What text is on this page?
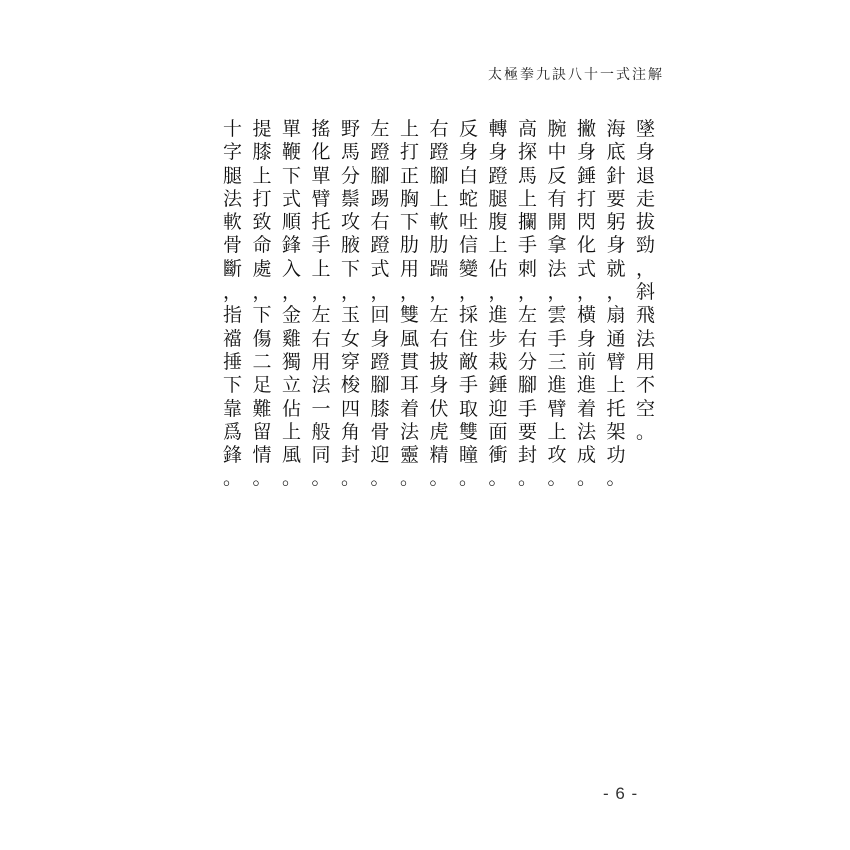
太極拳九訣八十一式注解
墜
身
退
走
拔
勁
，
斜
飛
法
用
不
空
。
海
底
針
要
躬
身
就
，
扇
通
臂
上
托
架
功
。
撇
身
錘
打
閃
化
式
，
橫
身
前
進
着
法
成
。
腕
中
反
有
開
拿
法
，
雲
手
三
進
臂
上
攻
。
高
探
馬
上
攔
手
刺
，
左
右
分
腳
手
要
封
。
轉
身
蹬
腿
腹
上
佔
，
進
步
栽
錘
迎
面
衝
。
反
身
白
蛇
吐
信
變
，
採
住
敵
手
取
雙
瞳
。
右
蹬
腳
上
軟
肋
踹
，
左
右
披
身
伏
虎
精
。
上
打
正
胸
下
肋
用
，
雙
風
貫
耳
着
法
靈
。
左
蹬
腳
踢
右
蹬
式
，
回
身
蹬
腳
膝
骨
迎
。
野
馬
分
鬃
攻
腋
下
，
玉
女
穿
梭
四
角
封
。
搖
化
單
臂
托
手
上
，
左
右
用
法
一
般
同
。
單
鞭
下
式
順
鋒
入
，
金
雞
獨
立
佔
上
風
。
提
膝
上
打
致
命
處
，
下
傷
二
足
難
留
情
。
十
字
腿
法
軟
骨
斷
，
指
襠
捶
下
靠
爲
鋒
。
- 6 -
